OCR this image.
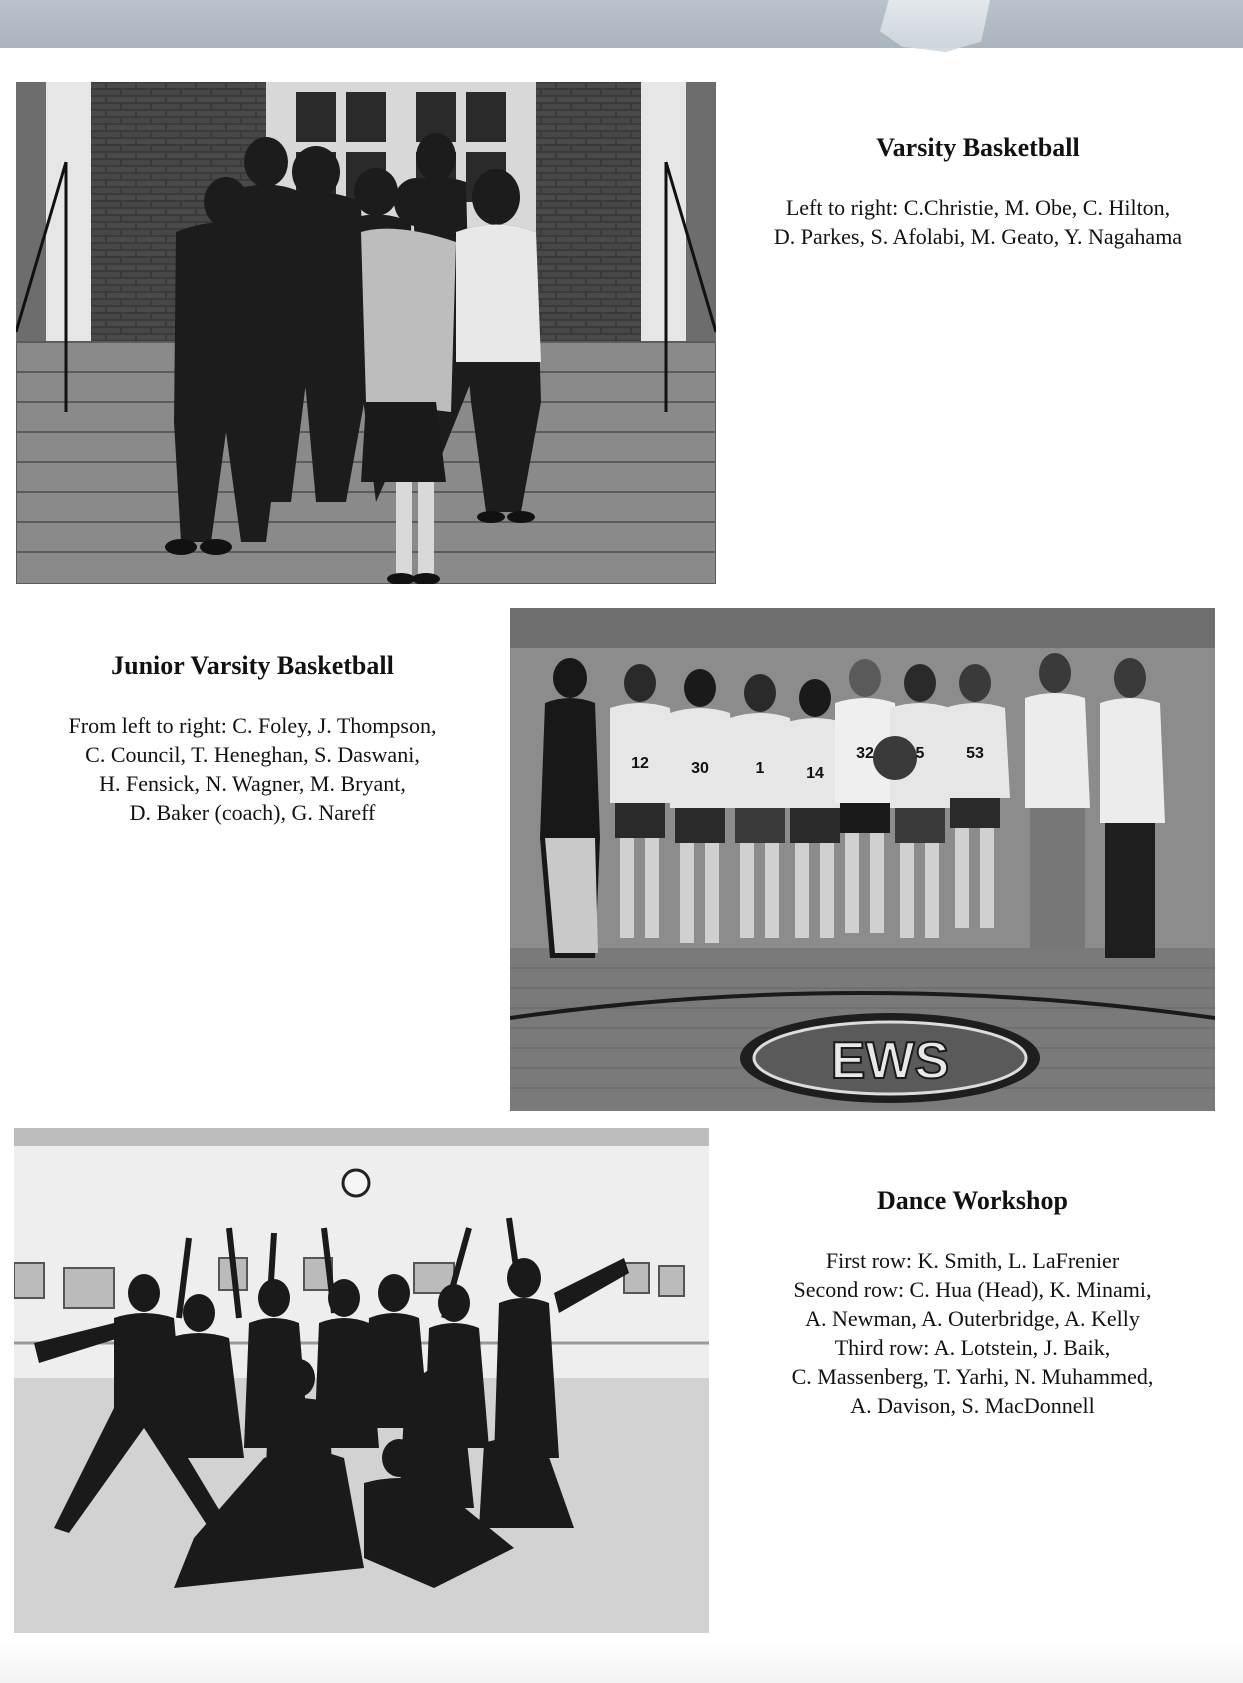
Varsity Basketball

Left to right: C.Christie, M. Obe, C. Hilton,

D. Parkes, S. Afolabi, M. Geato, Y. Nagahama

Junior Varsity Basketball

From left to right: C. Foley, J. Thompson,

C. Council, T. Heneghan, S. Daswani,

H. Fensick, N. Wagner, M. Bryant,

D. Baker (coach), G. Nareff

EWS
12	30	1	14
32	5	53

Dance Workshop

First row: K. Smith, L. LaFrenier

Second row: C. Hua (Head), K. Minami,

A. Newman, A. Outerbridge, A. Kelly

Third row: A. Lotstein, J. Baik,

C. Massenberg, T. Yarhi, N. Muhammed,

A. Davison, S. MacDonnell
